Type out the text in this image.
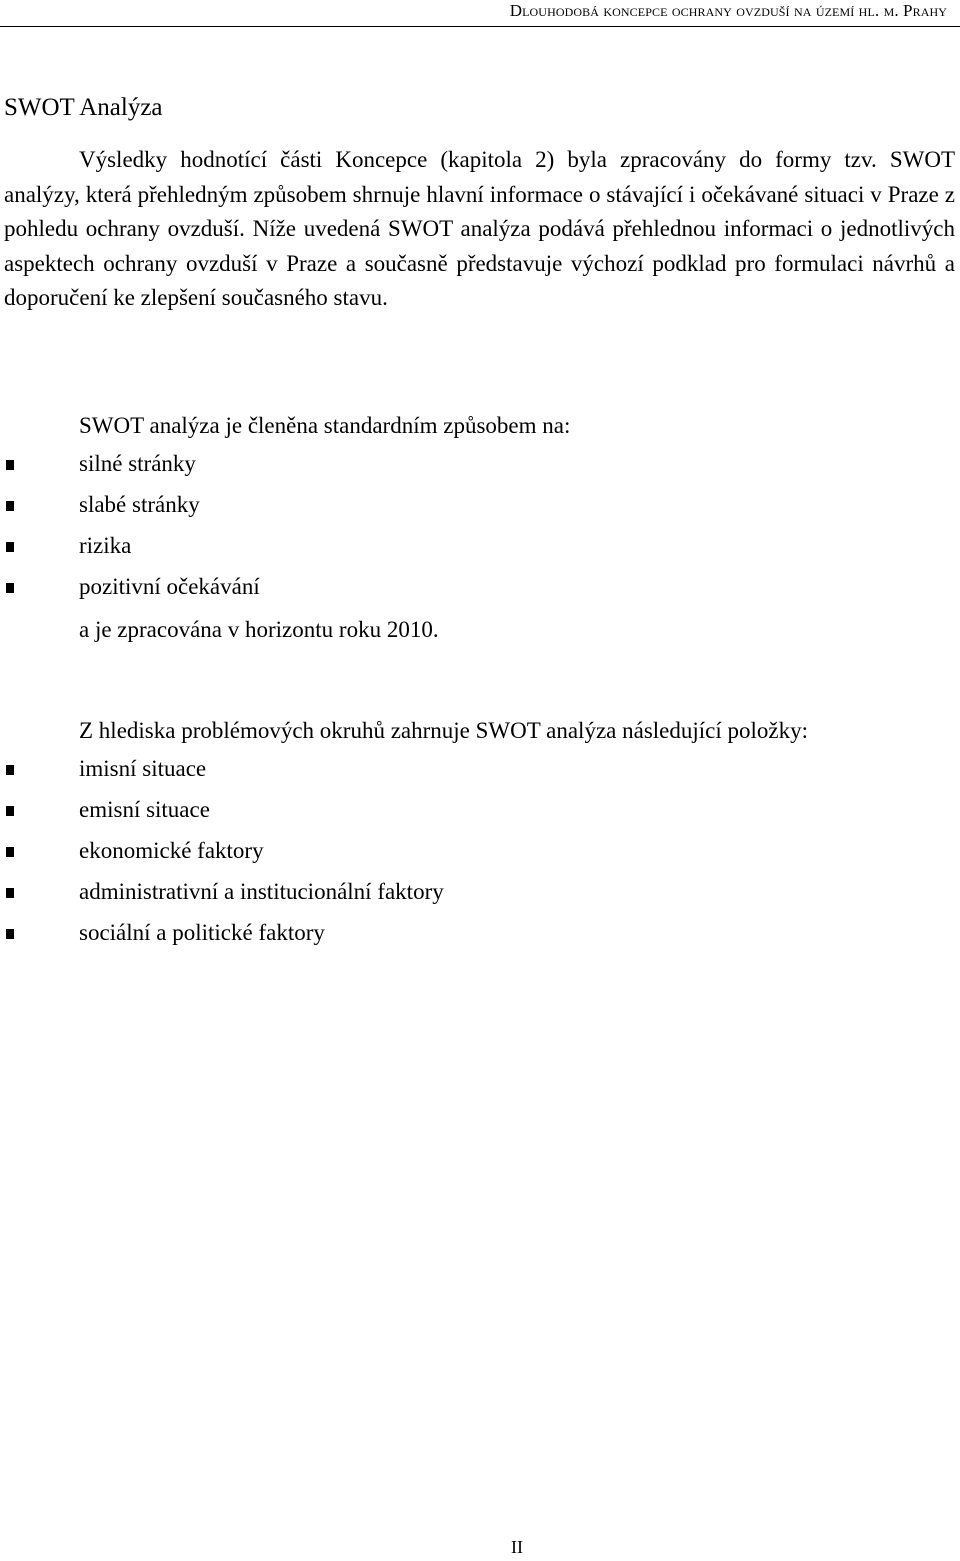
Dlouhodobá koncepce ochrany ovzduší na území hl. m. Prahy
SWOT Analýza

Výsledky hodnotící části Koncepce (kapitola 2) byla zpracovány do formy tzv. SWOT analýzy, která přehledným způsobem shrnuje hlavní informace o stávající i očekávané situaci v Praze z pohledu ochrany ovzduší. Níže uvedená SWOT analýza podává přehlednou informaci o jednotlivých aspektech ochrany ovzduší v Praze a současně představuje výchozí podklad pro formulaci návrhů a doporučení ke zlepšení současného stavu.

SWOT analýza je členěna standardním způsobem na:

silné stránky
slabé stránky
rizika
pozitivní očekávání

a je zpracována v horizontu roku 2010.

Z hlediska problémových okruhů zahrnuje SWOT analýza následující položky:

imisní situace
emisní situace
ekonomické faktory
administrativní a institucionální faktory
sociální a politické faktory
II
